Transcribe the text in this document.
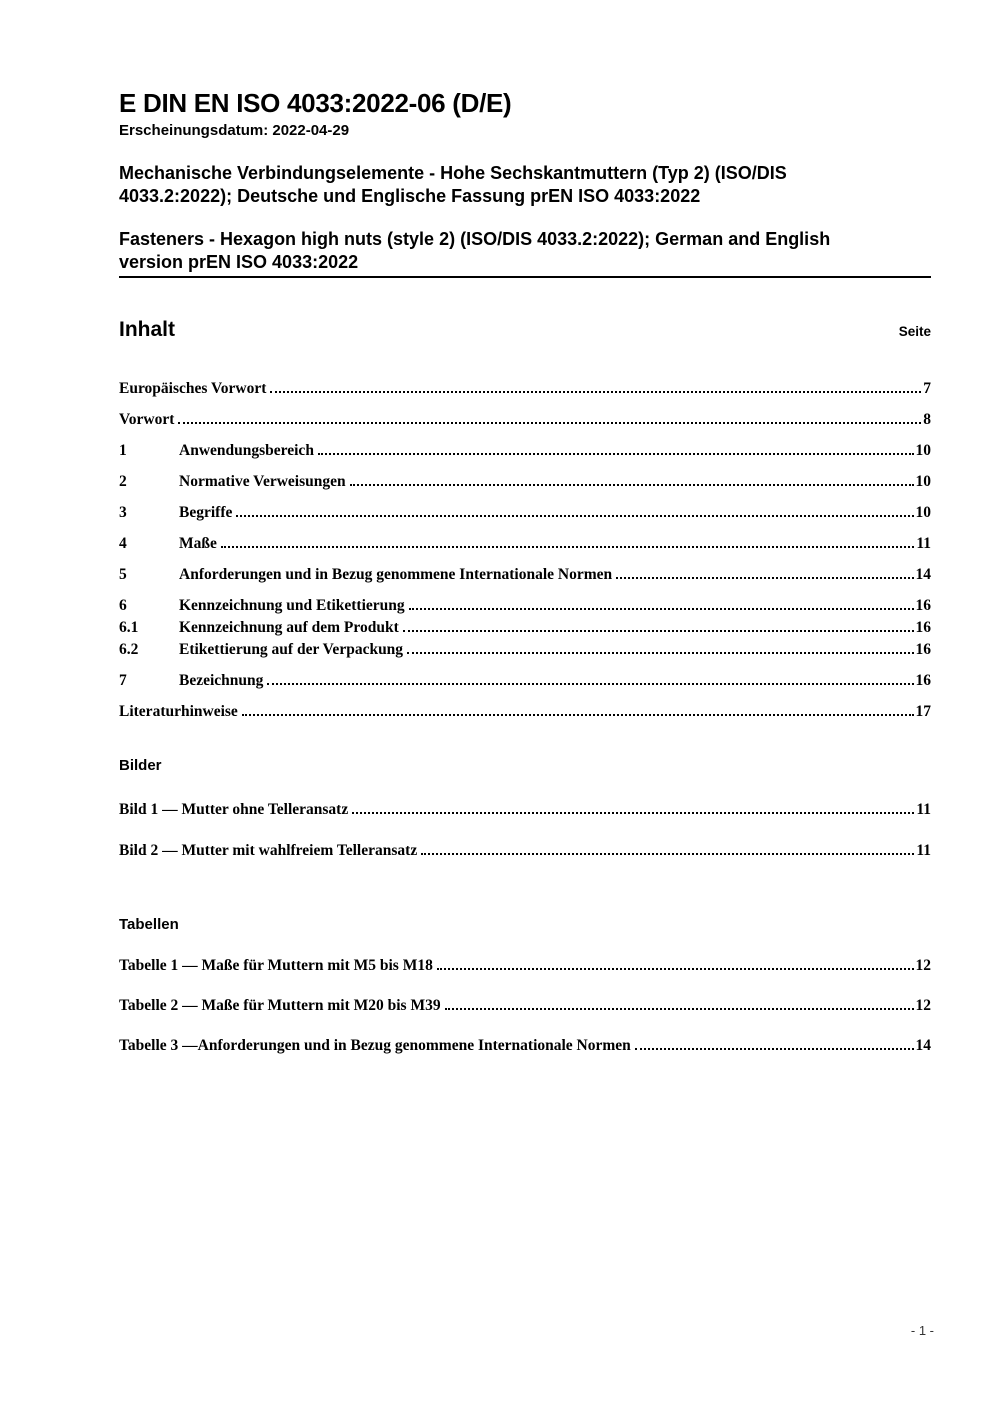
E DIN EN ISO 4033:2022-06 (D/E)
Erscheinungsdatum: 2022-04-29
Mechanische Verbindungselemente - Hohe Sechskantmuttern (Typ 2) (ISO/DIS
4033.2:2022); Deutsche und Englische Fassung prEN ISO 4033:2022
Fasteners - Hexagon high nuts (style 2) (ISO/DIS 4033.2:2022); German and English
version prEN ISO 4033:2022
Inhalt	Seite
Europäisches Vorwort	7
Vorwort	8
1	Anwendungsbereich	10
2	Normative Verweisungen	10
3	Begriffe	10
4	Maße	11
5	Anforderungen und in Bezug genommene Internationale Normen	14
6	Kennzeichnung und Etikettierung	16
6.1	Kennzeichnung auf dem Produkt	16
6.2	Etikettierung auf der Verpackung	16
7	Bezeichnung	16
Literaturhinweise	17
Bilder
Bild 1 — Mutter ohne Telleransatz	11
Bild 2 — Mutter mit wahlfreiem Telleransatz	11
Tabellen
Tabelle 1 — Maße für Muttern mit M5 bis M18	12
Tabelle 2 — Maße für Muttern mit M20 bis M39	12
Tabelle 3 —Anforderungen und in Bezug genommene Internationale Normen	14
- 1 -
